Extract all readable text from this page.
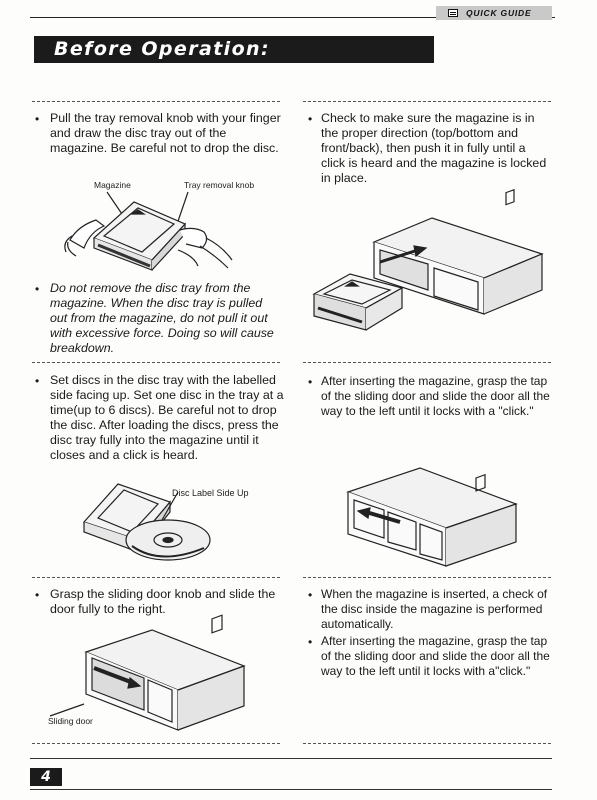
QUICK GUIDE
Before Operation:
• Pull the tray removal knob with your finger and draw the disc tray out of the magazine. Be careful not to drop the disc.
Magazine	Tray removal knob
• Do not remove the disc tray from the magazine. When the disc tray is pulled out from the magazine, do not pull it out with excessive force. Doing so will cause breakdown.
• Set discs in the disc tray with the labelled side facing up. Set one disc in the tray at a time(up to 6 discs). Be careful not to drop the disc. After loading the discs, press the disc tray fully into the magazine until it closes and a click is heard.
Disc Label Side Up
• Grasp the sliding door knob and slide the door fully to the right.
Sliding door
• Check to make sure the magazine is in the proper direction (top/bottom and front/back), then push it in fully until a click is heard and the magazine is locked in place.
• After inserting the magazine, grasp the tap of the sliding door and slide the door all the way to the left until it locks with a "click."
• When the magazine is inserted, a check of the disc inside the magazine is performed automatically.
• After inserting the magazine, grasp the tap of the sliding door and slide the door all the way to the left until it locks with a"click."
4
